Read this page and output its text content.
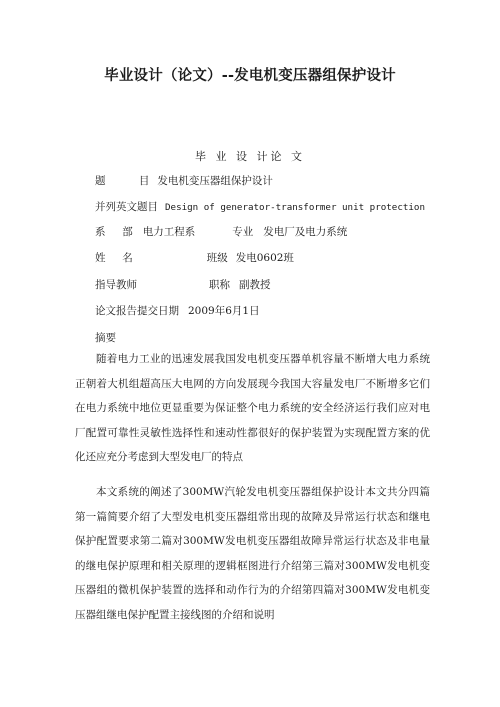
毕业设计（论文）--发电机变压器组保护设计
毕 业 设 计论 文
题          目 发电机变压器组保护设计
并列英文题目 Design of generator-transformer unit protection
系     部 电力工程系	专业 发电厂及电力系统
姓     名	班级 发电0602班
指导教师	职称 副教授
论文报告提交日期 2009年6月1日
摘要
随着电力工业的迅速发展我国发电机变压器单机容量不断增大电力系统正朝着大机组超高压大电网的方向发展现今我国大容量发电厂不断增多它们在电力系统中地位更显重要为保证整个电力系统的安全经济运行我们应对电厂配置可靠性灵敏性选择性和速动性都很好的保护装置为实现配置方案的优化还应充分考虑到大型发电厂的特点
本文系统的阐述了300MW汽轮发电机变压器组保护设计本文共分四篇第一篇简要介绍了大型发电机变压器组常出现的故障及异常运行状态和继电保护配置要求第二篇对300MW发电机变压器组故障异常运行状态及非电量的继电保护原理和相关原理的逻辑框图进行介绍第三篇对300MW发电机变压器组的微机保护装置的选择和动作行为的介绍第四篇对300MW发电机变压器组继电保护配置主接线图的介绍和说明
